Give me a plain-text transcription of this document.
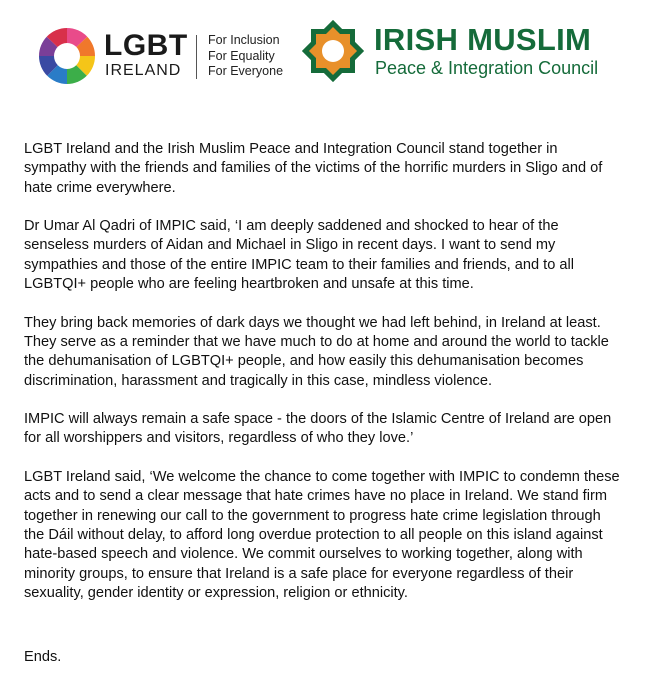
LGBT
IRELAND
For Inclusion
For Equality
For Everyone
IRISH MUSLIM
Peace & Integration Council

LGBT Ireland and the Irish Muslim Peace and Integration Council stand together in sympathy with the friends and families of the victims of the horrific murders in Sligo and of hate crime everywhere.

Dr Umar Al Qadri of IMPIC said, ‘I am deeply saddened and shocked to hear of the senseless murders of Aidan and Michael in Sligo in recent days. I want to send my sympathies and those of the entire IMPIC team to their families and friends, and to all LGBTQI+ people who are feeling heartbroken and unsafe at this time.

They bring back memories of dark days we thought we had left behind, in Ireland at least. They serve as a reminder that we have much to do at home and around the world to tackle the dehumanisation of LGBTQI+ people, and how easily this dehumanisation becomes discrimination, harassment and tragically in this case, mindless violence.

IMPIC will always remain a safe space - the doors of the Islamic Centre of Ireland are open for all worshippers and visitors, regardless of who they love.’

LGBT Ireland said, ‘We welcome the chance to come together with IMPIC to condemn these acts and to send a clear message that hate crimes have no place in Ireland. We stand firm together in renewing our call to the government to progress hate crime legislation through the Dáil without delay, to afford long overdue protection to all people on this island against hate-based speech and violence. We commit ourselves to working together, along with minority groups, to ensure that Ireland is a safe place for everyone regardless of their sexuality, gender identity or expression, religion or ethnicity.

Ends.
